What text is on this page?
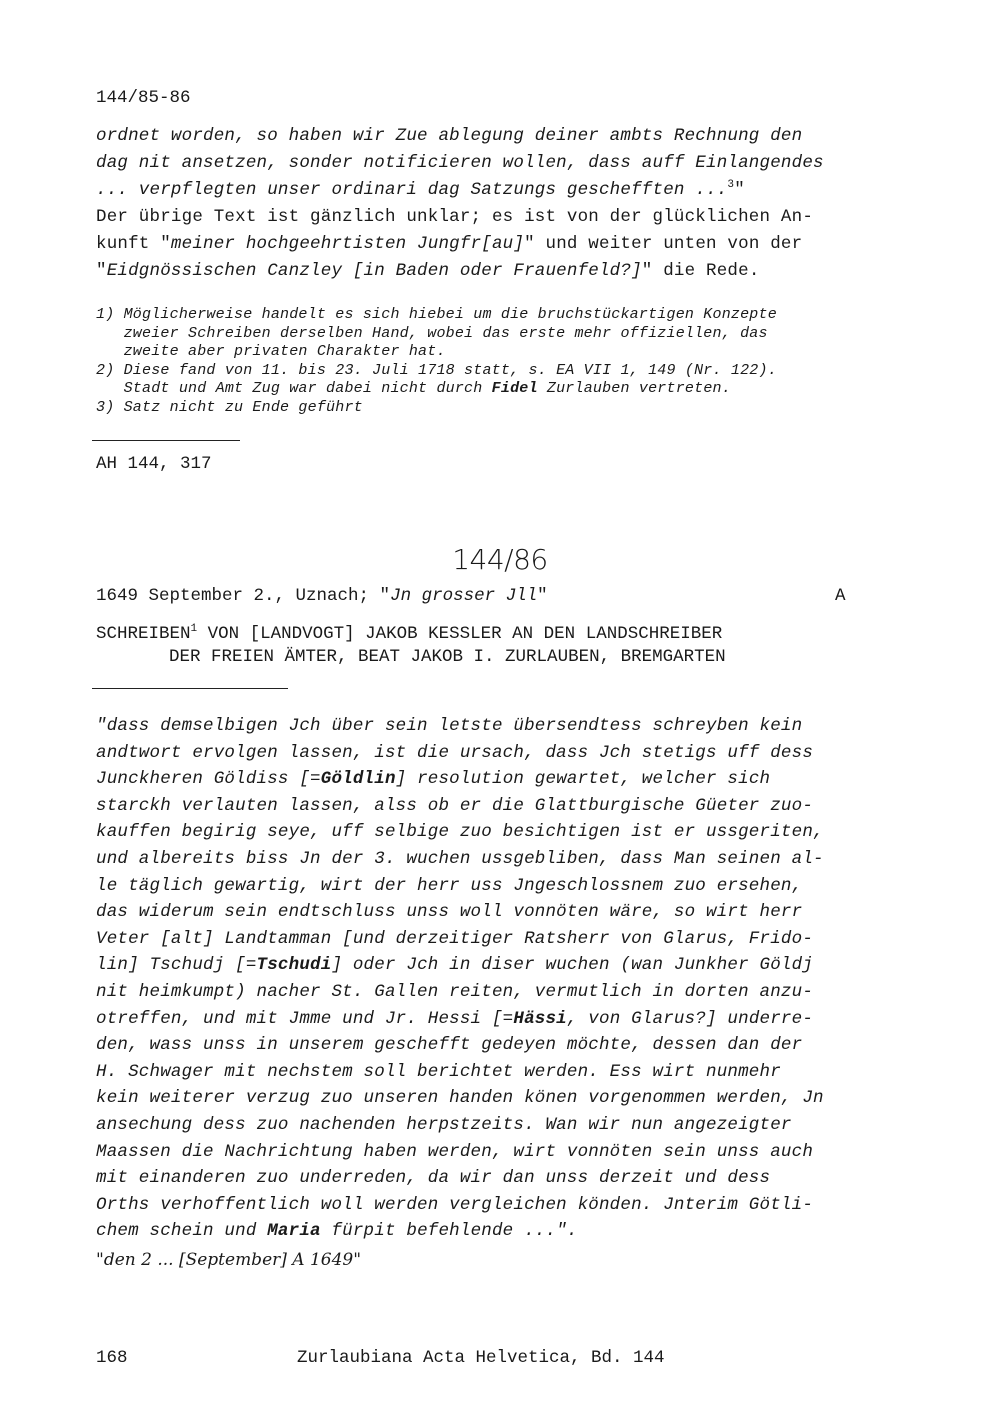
144/85-86
ordnet worden, so haben wir Zue ablegung deiner ambts Rechnung den
dag nit ansetzen, sonder notificieren wollen, dass auff Einlangendes
... verpflegten unser ordinari dag Satzungs geschefften ...$^3$"
Der übrige Text ist gänzlich unklar; es ist von der glücklichen An-
kunft "meiner hochgeehrtisten Jungfr[au]" und weiter unten von der
"Eidgnössischen Canzley [in Baden oder Frauenfeld?]" die Rede.
1) Möglicherweise handelt es sich hiebei um die bruchstückartigen Konzepte
zweier Schreiben derselben Hand, wobei das erste mehr offiziellen, das
zweite aber privaten Charakter hat.
2) Diese fand von 11. bis 23. Juli 1718 statt, s. EA VII 1, 149 (Nr. 122).
Stadt und Amt Zug war dabei nicht durch Fidel Zurlauben vertreten.
3) Satz nicht zu Ende geführt
AH 144, 317
144/86
1649 September 2., Uznach; "Jn grosser Jll"	A
SCHREIBEN$^1$ VON [LANDVOGT] JAKOB KESSLER AN DEN LANDSCHREIBER
DER FREIEN ÄMTER, BEAT JAKOB I. ZURLAUBEN, BREMGARTEN
"dass demselbigen Jch über sein letste übersendtess schreyben kein
andtwort ervolgen lassen, ist die ursach, dass Jch stetigs uff dess
Junckheren Göldiss [=Göldlin] resolution gewartet, welcher sich
starckh verlauten lassen, alss ob er die Glattburgische Güeter zuo-
kauffen begirig seye, uff selbige zuo besichtigen ist er ussgeriten,
und albereits biss Jn der 3. wuchen ussgebliben, dass Man seinen al-
le täglich gewartig, wirt der herr uss Jngeschlossnem zuo ersehen,
das widerum sein endtschluss unss woll vonnöten wäre, so wirt herr
Veter [alt] Landtamman [und derzeitiger Ratsherr von Glarus, Frido-
lin] Tschudj [=Tschudi] oder Jch in diser wuchen (wan Junkher Göldj
nit heimkumpt) nacher St. Gallen reiten, vermutlich in dorten anzu-
otreffen, und mit Jmme und Jr. Hessi [=Hässi, von Glarus?] underre-
den, wass unss in unserem geschefft gedeyen möchte, dessen dan der
H. Schwager mit nechstem soll berichtet werden. Ess wirt nunmehr
kein weiterer verzug zuo unseren handen könen vorgenommen werden, Jn
ansechung dess zuo nachenden herpstzeits. Wan wir nun angezeigter
Maassen die Nachrichtung haben werden, wirt vonnöten sein unss auch
mit einanderen zuo underreden, da wir dan unss derzeit und dess
Orths verhoffentlich woll werden vergleichen könden. Jnterim Götli-
chem schein und Maria fürpit befehlende ...".
"den 2 ... [September] A 1649"
168	Zurlaubiana Acta Helvetica, Bd. 144
